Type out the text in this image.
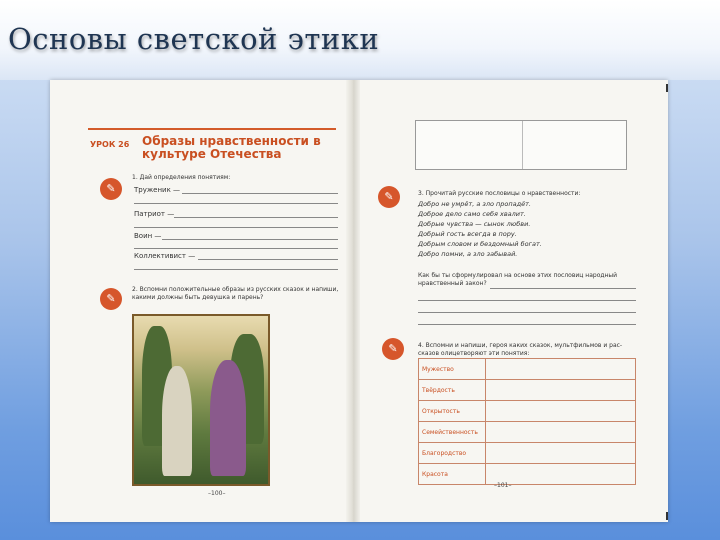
Основы светской этики
УРОК 26 Образы нравственности в культуре Отечества
1. Дай определения понятиям:
✎	Труженик —
Патриот —
Воин —
Коллективист —
✎
2. Вспомни положительные образы из русских сказок и напиши,
какими должны быть девушка и парень?
–100–
✎	3. Прочитай русские пословицы о нравственности:
Добро не умрёт, а зло пропадёт.
Доброе дело само себя хвалит.
Добрые чувства — сынок любви.
Добрый гость всегда в пору.
Добрым словом и бездомный богат.
Добро помни, а зло забывай.
Как бы ты сформулировал на основе этих пословиц народный
нравственный закон?
✎	4. Вспомни и напиши, героя каких сказок, мультфильмов и рас-
сказов олицетворяют эти понятия:
Мужество	
Твёрдость	
Открытость	
Семейственность	
Благородство	
Красота	
–101–
